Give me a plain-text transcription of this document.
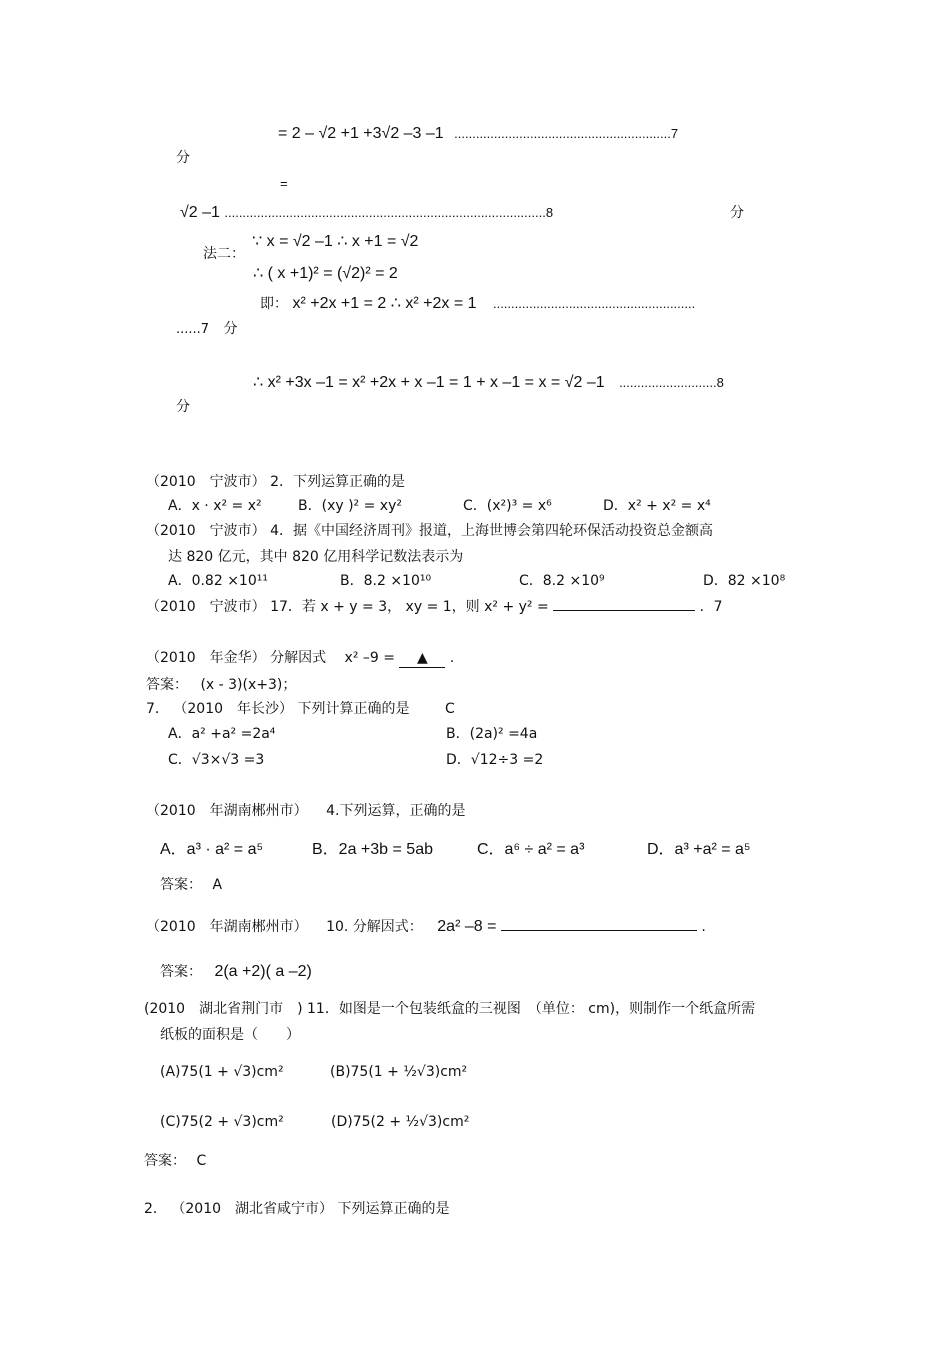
= 2 – √2 +1 +3√2 –3 –1 ............................................................7
分
=
√2 –1 .........................................................................................8	分
法二：
∵ x = √2 –1 ∴ x +1 = √2
∴ ( x +1)² = (√2)² = 2
即： x² +2x +1 = 2 ∴ x² +2x = 1 ........................................................
......7 分
∴ x² +3x –1 = x² +2x + x –1 = 1 + x –1 = x = √2 –1 ...........................8
分
（2010　宁波市） 2．下列运算正确的是
A．x · x² = x²	B．(xy )² = xy²	C．(x²)³ = x⁶	D．x² + x² = x⁴
（2010　宁波市） 4．据《中国经济周刊》报道，上海世博会第四轮环保活动投资总金额高
达 820 亿元，其中 820 亿用科学记数法表示为
A．0.82 ×10¹¹	B．8.2 ×10¹⁰	C．8.2 ×10⁹	D．82 ×10⁸
（2010　宁波市） 17．若 x + y = 3， xy = 1，则 x² + y² =	．7
（2010　年金华） 分解因式 x² –9 = ▲ .
答案： (x - 3)(x+3)；
7． （2010　年长沙） 下列计算正确的是	C
A．a² +a² =2a⁴	B．(2a)² =4a
C．√3×√3 =3	D．√12÷3 =2
（2010　年湖南郴州市） 4.下列运算，正确的是
A．a³ · a² = a⁵	B．2a +3b = 5ab	C．a⁶ ÷ a² = a³	D．a³ +a² = a⁵
答案： A
（2010　年湖南郴州市） 10. 分解因式： 2a² –8 =	.
答案： 2(a +2)( a –2)
(2010　湖北省荆门市　) 11．如图是一个包装纸盒的三视图　（单位： cm)，则制作一个纸盒所需
纸板的面积是（　　）
(A)75(1 + √3)cm²	(B)75(1 + ½√3)cm²
(C)75(2 + √3)cm²	(D)75(2 + ½√3)cm²
答案： C
2． （2010　湖北省咸宁市） 下列运算正确的是
